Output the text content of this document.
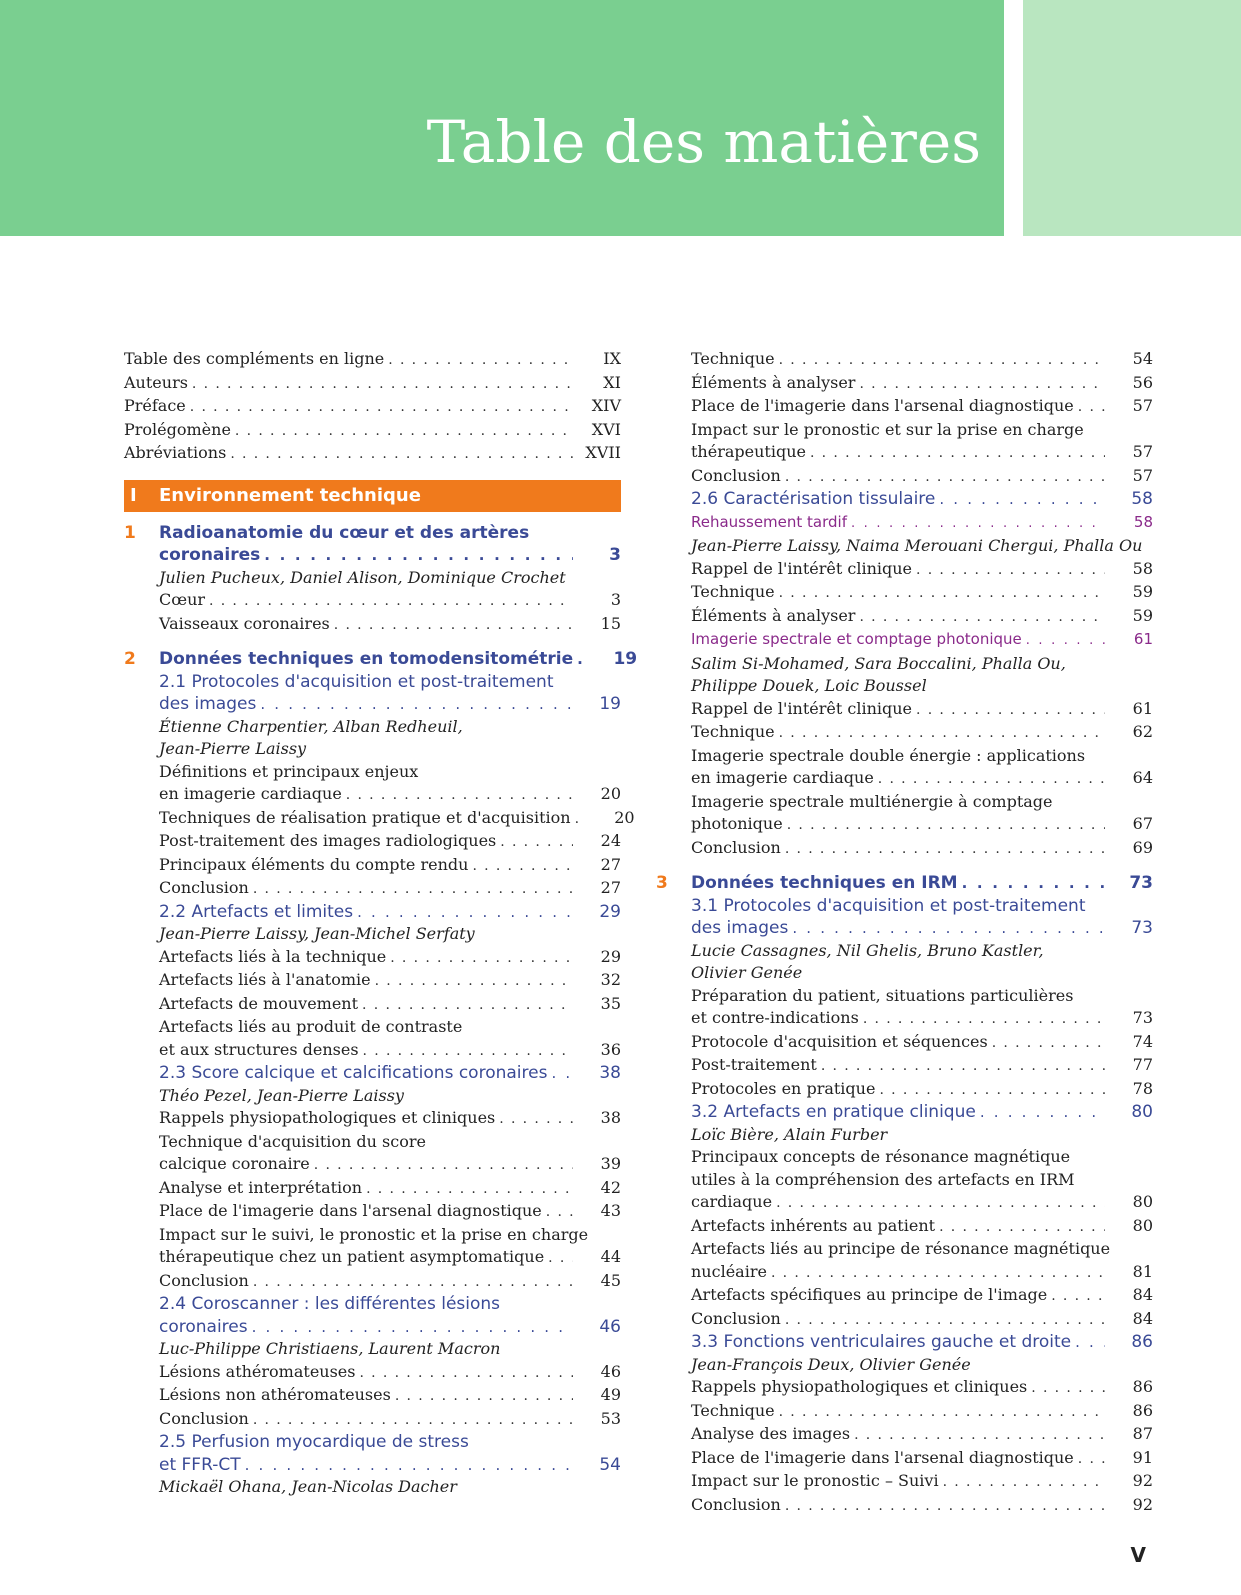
Table des matières
Table des compléments en ligne . . .	IX
Auteurs . . .	XI
Préface . . .	XIV
Prolégomène . . .	XVI
Abréviations . . .	XVII
I	Environnement technique
1	Radioanatomie du cœur et des artères
coronaires . . .	3
Julien Pucheux, Daniel Alison, Dominique Crochet
Cœur . . .	3
Vaisseaux coronaires . . .	15
2	Données techniques en tomodensitométrie . . .	19
2.1 Protocoles d'acquisition et post-traitement
des images . . .	19
Étienne Charpentier, Alban Redheuil,
Jean-Pierre Laissy
Définitions et principaux enjeux
en imagerie cardiaque . . .	20
Techniques de réalisation pratique et d'acquisition . . .	20
Post-traitement des images radiologiques . . .	24
Principaux éléments du compte rendu . . .	27
Conclusion . . .	27
2.2 Artefacts et limites . . .	29
Jean-Pierre Laissy, Jean-Michel Serfaty
Artefacts liés à la technique . . .	29
Artefacts liés à l'anatomie . . .	32
Artefacts de mouvement . . .	35
Artefacts liés au produit de contraste
et aux structures denses . . .	36
2.3 Score calcique et calcifications coronaires . . .	38
Théo Pezel, Jean-Pierre Laissy
Rappels physiopathologiques et cliniques . . .	38
Technique d'acquisition du score
calcique coronaire . . .	39
Analyse et interprétation . . .	42
Place de l'imagerie dans l'arsenal diagnostique . . .	43
Impact sur le suivi, le pronostic et la prise en charge
thérapeutique chez un patient asymptomatique . . .	44
Conclusion . . .	45
2.4 Coroscanner : les différentes lésions
coronaires . . .	46
Luc-Philippe Christiaens, Laurent Macron
Lésions athéromateuses . . .	46
Lésions non athéromateuses . . .	49
Conclusion . . .	53
2.5 Perfusion myocardique de stress
et FFR-CT . . .	54
Mickaël Ohana, Jean-Nicolas Dacher
Technique . . .	54
Éléments à analyser . . .	56
Place de l'imagerie dans l'arsenal diagnostique . . .	57
Impact sur le pronostic et sur la prise en charge
thérapeutique . . .	57
Conclusion . . .	57
2.6 Caractérisation tissulaire . . .	58
Rehaussement tardif . . .	58
Jean-Pierre Laissy, Naima Merouani Chergui, Phalla Ou
Rappel de l'intérêt clinique . . .	58
Technique . . .	59
Éléments à analyser . . .	59
Imagerie spectrale et comptage photonique . . .	61
Salim Si-Mohamed, Sara Boccalini, Phalla Ou,
Philippe Douek, Loic Boussel
Rappel de l'intérêt clinique . . .	61
Technique . . .	62
Imagerie spectrale double énergie : applications
en imagerie cardiaque . . .	64
Imagerie spectrale multiénergie à comptage
photonique . . .	67
Conclusion . . .	69
3	Données techniques en IRM . . .	73
3.1 Protocoles d'acquisition et post-traitement
des images . . .	73
Lucie Cassagnes, Nil Ghelis, Bruno Kastler,
Olivier Genée
Préparation du patient, situations particulières
et contre-indications . . .	73
Protocole d'acquisition et séquences . . .	74
Post-traitement . . .	77
Protocoles en pratique . . .	78
3.2 Artefacts en pratique clinique . . .	80
Loïc Bière, Alain Furber
Principaux concepts de résonance magnétique
utiles à la compréhension des artefacts en IRM
cardiaque . . .	80
Artefacts inhérents au patient . . .	80
Artefacts liés au principe de résonance magnétique
nucléaire . . .	81
Artefacts spécifiques au principe de l'image . . .	84
Conclusion . . .	84
3.3 Fonctions ventriculaires gauche et droite . . .	86
Jean-François Deux, Olivier Genée
Rappels physiopathologiques et cliniques . . .	86
Technique . . .	86
Analyse des images . . .	87
Place de l'imagerie dans l'arsenal diagnostique . . .	91
Impact sur le pronostic – Suivi . . .	92
Conclusion . . .	92
V
